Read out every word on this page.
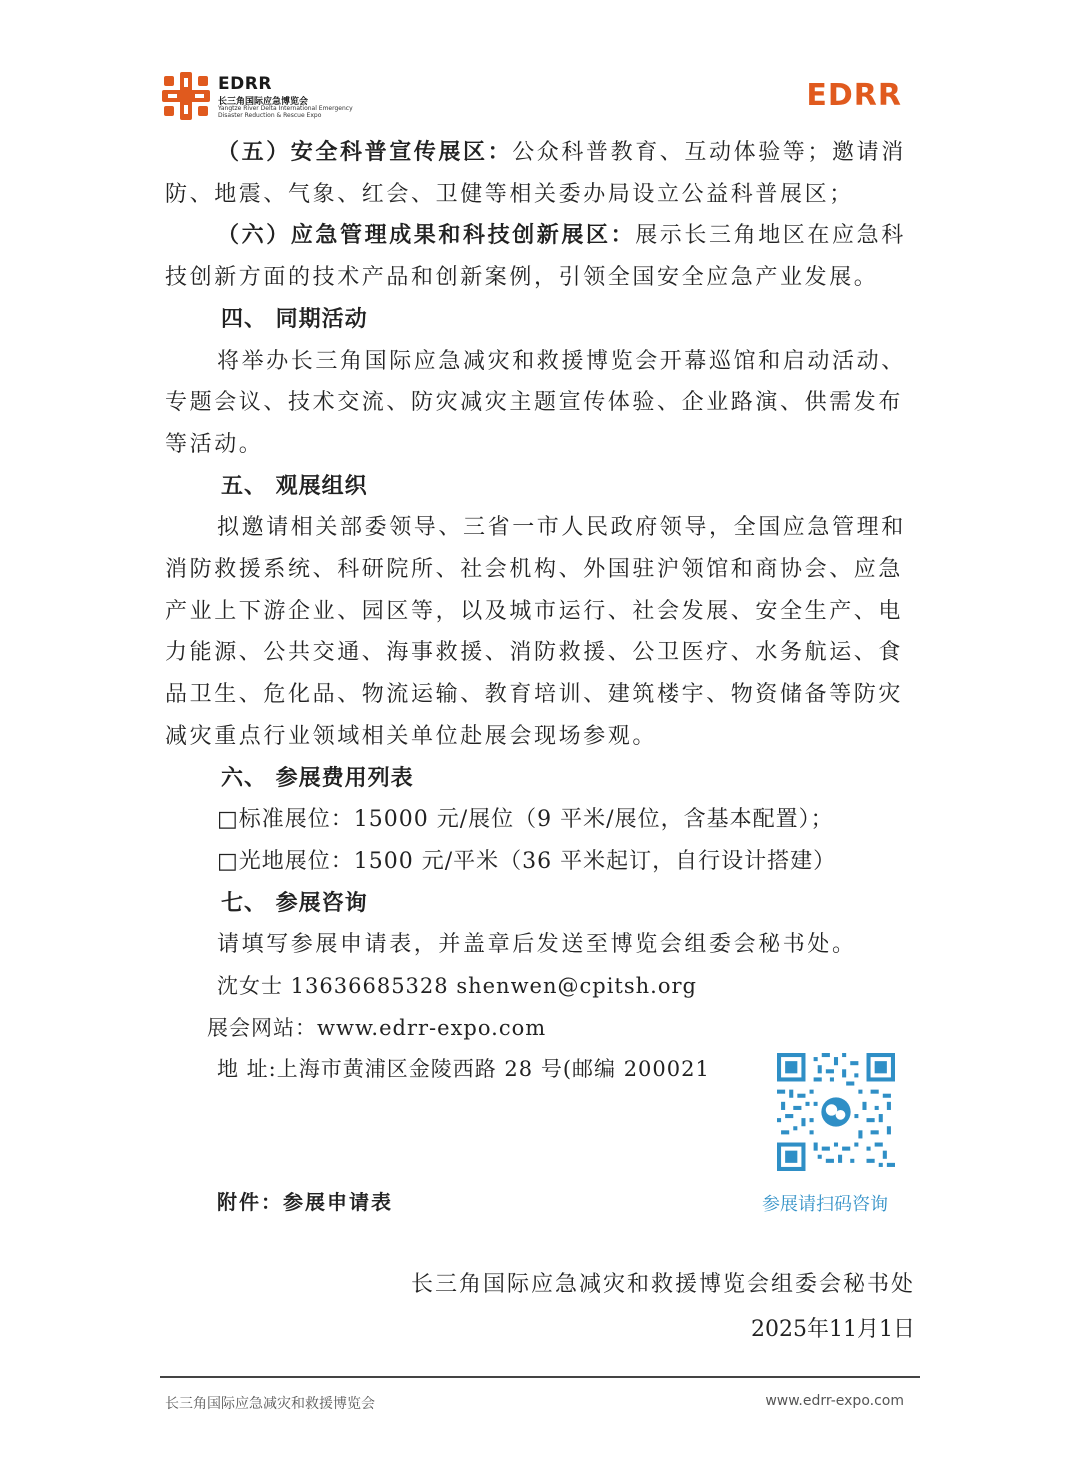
EDRR
长三角国际应急博览会
Yangtze River Delta International Emergency
Disaster Reduction & Rescue Expo
EDRR

（五）安全科普宣传展区：公众科普教育、互动体验等；邀请消

防、地震、气象、红会、卫健等相关委办局设立公益科普展区；

（六）应急管理成果和科技创新展区：展示长三角地区在应急科

技创新方面的技术产品和创新案例，引领全国安全应急产业发展。

四、 同期活动

将举办长三角国际应急减灾和救援博览会开幕巡馆和启动活动、

专题会议、技术交流、防灾减灾主题宣传体验、企业路演、供需发布

等活动。

五、 观展组织

拟邀请相关部委领导、三省一市人民政府领导，全国应急管理和

消防救援系统、科研院所、社会机构、外国驻沪领馆和商协会、应急

产业上下游企业、园区等，以及城市运行、社会发展、安全生产、电

力能源、公共交通、海事救援、消防救援、公卫医疗、水务航运、食

品卫生、危化品、物流运输、教育培训、建筑楼宇、物资储备等防灾

减灾重点行业领域相关单位赴展会现场参观。

六、 参展费用列表

□标准展位：15000 元/展位（9 平米/展位，含基本配置）；

□光地展位：1500 元/平米（36 平米起订，自行设计搭建）

七、 参展咨询

请填写参展申请表，并盖章后发送至博览会组委会秘书处。

沈女士 13636685328 shenwen@cpitsh.org

展会网站：www.edrr-expo.com

地 址:上海市黄浦区金陵西路 28 号(邮编 200021

参展请扫码咨询
附件：参展申请表
长三角国际应急减灾和救援博览会组委会秘书处
2025年11月1日
长三角国际应急减灾和救援博览会	www.edrr-expo.com
